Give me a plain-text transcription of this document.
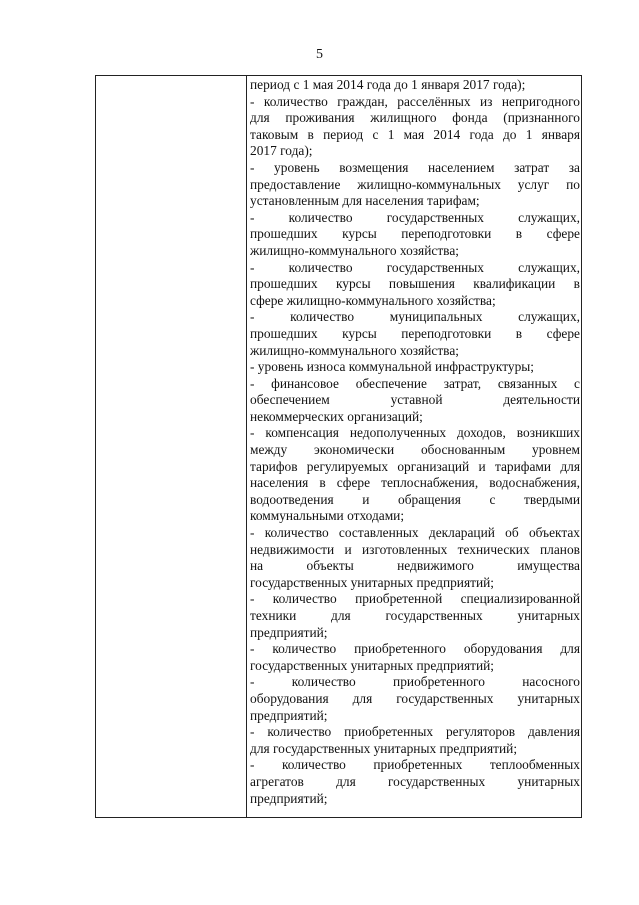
5
период с 1 мая 2014 года до 1 января 2017 года);
- количество граждан, расселённых из непригодного
для проживания жилищного фонда (признанного
таковым в период с 1 мая 2014 года до 1 января
2017 года);
- уровень возмещения населением затрат за
предоставление жилищно-коммунальных услуг по
установленным для населения тарифам;
- количество государственных служащих,
прошедших курсы переподготовки в сфере
жилищно-коммунального хозяйства;
- количество государственных служащих,
прошедших курсы повышения квалификации в
сфере жилищно-коммунального хозяйства;
- количество муниципальных служащих,
прошедших курсы переподготовки в сфере
жилищно-коммунального хозяйства;
- уровень износа коммунальной инфраструктуры;
- финансовое обеспечение затрат, связанных с
обеспечением уставной деятельности
некоммерческих организаций;
- компенсация недополученных доходов, возникших
между экономически обоснованным уровнем
тарифов регулируемых организаций и тарифами для
населения в сфере теплоснабжения, водоснабжения,
водоотведения и обращения с твердыми
коммунальными отходами;
- количество составленных деклараций об объектах
недвижимости и изготовленных технических планов
на объекты недвижимого имущества
государственных унитарных предприятий;
- количество приобретенной специализированной
техники для государственных унитарных
предприятий;
- количество приобретенного оборудования для
государственных унитарных предприятий;
- количество приобретенного насосного
оборудования для государственных унитарных
предприятий;
- количество приобретенных регуляторов давления
для государственных унитарных предприятий;
- количество приобретенных теплообменных
агрегатов для государственных унитарных
предприятий;
